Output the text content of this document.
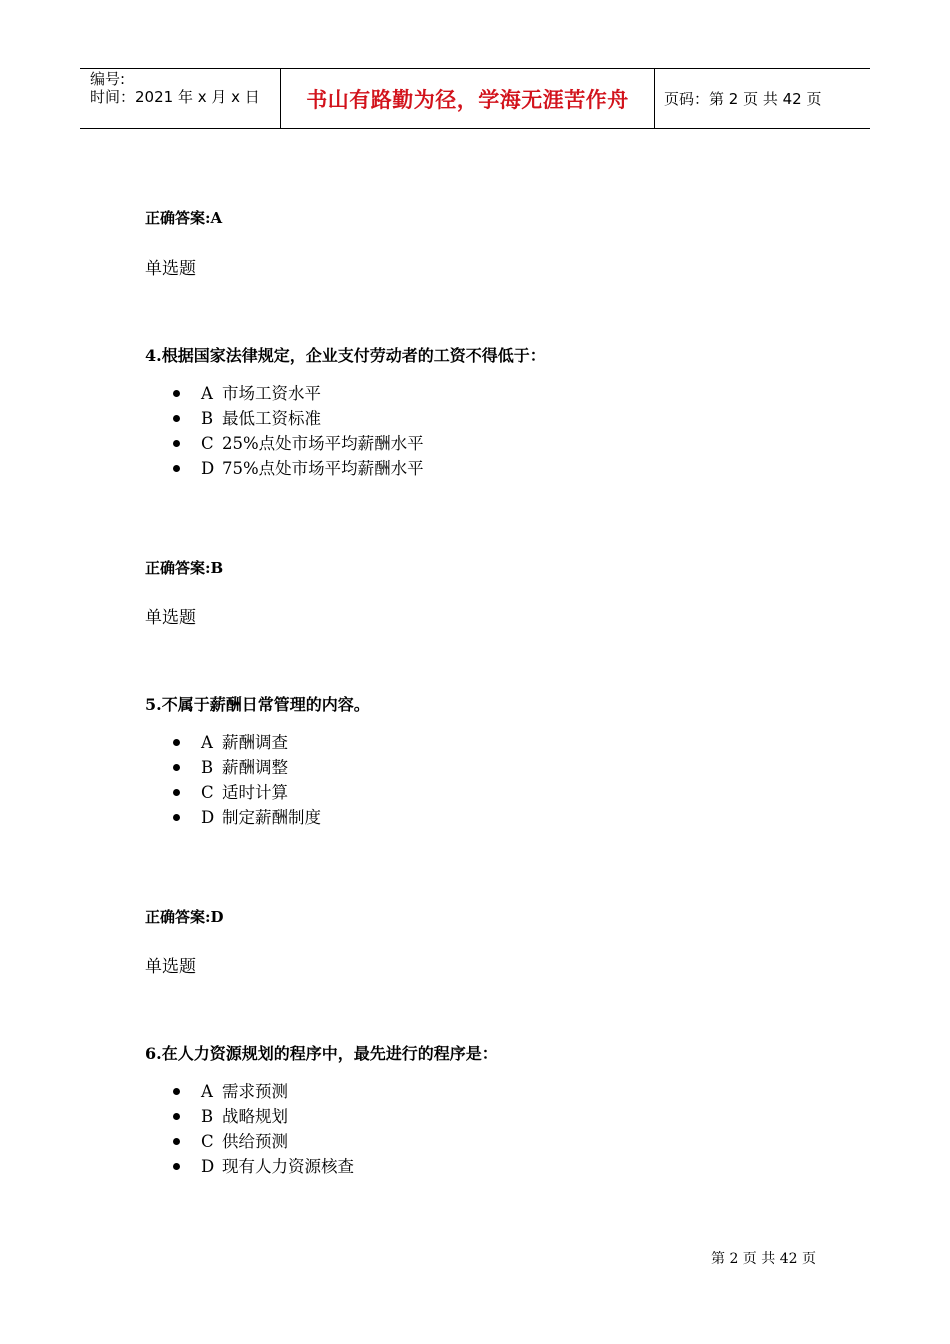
编号:
时间：2021 年 x 月 x 日 书山有路勤为径，学海无涯苦作舟 页码：第 2 页 共 42 页
正确答案:A
单选题
4.根据国家法律规定，企业支付劳动者的工资不得低于：
A 市场工资水平
B 最低工资标准
C 25%点处市场平均薪酬水平
D 75%点处市场平均薪酬水平
正确答案:B
单选题
5.不属于薪酬日常管理的内容。
A 薪酬调查
B 薪酬调整
C 适时计算
D 制定薪酬制度
正确答案:D
单选题
6.在人力资源规划的程序中，最先进行的程序是：
A 需求预测
B 战略规划
C 供给预测
D 现有人力资源核查
第 2 页 共 42 页
